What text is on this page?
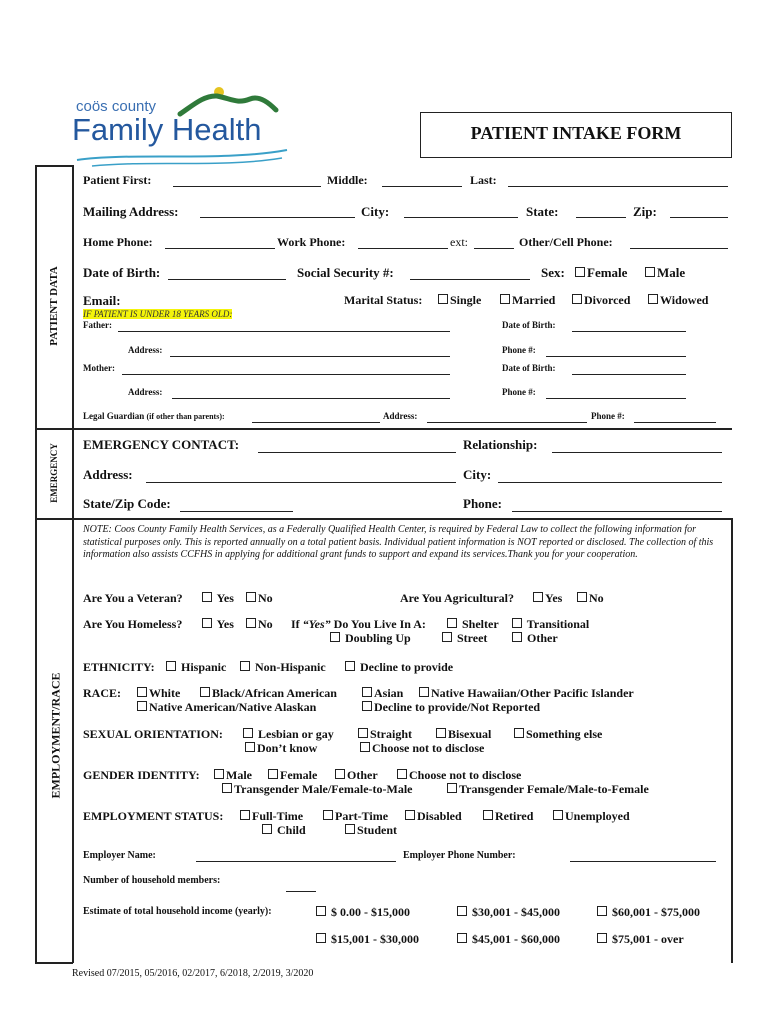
coös county
Family Health	PATIENT INTAKE FORM
PATIENT DATA
EMERGENCY
EMPLOYMENT/RACE
Patient First:	Middle:	Last:
Mailing Address:	City:	State:	Zip:
Home Phone:	Work Phone:	ext:	Other/Cell Phone:
Date of Birth:	Social Security #:	Sex:	Female	Male
Email:	Marital Status:	Single	Married	Divorced	Widowed
IF PATIENT IS UNDER 18 YEARS OLD:
Father:	Date of Birth:
Address:	Phone #:
Mother:	Date of Birth:
Address:	Phone #:
Legal Guardian (if other than parents):	Address:	Phone #:
EMERGENCY CONTACT:	Relationship:
Address:	City:
State/Zip Code:	Phone:
NOTE: Coos County Family Health Services, as a Federally Qualified Health Center, is required by Federal Law to collect the following information for statistical purposes only. This is reported annually on a total patient basis. Individual patient information is NOT reported or disclosed. The collection of this information also assists CCFHS in applying for additional grant funds to support and expand its services.Thank you for your cooperation.
Are You a Veteran?	Yes	No	Are You Agricultural?	Yes	No
Are You Homeless?	Yes	No If “Yes” Do You Live In A:	Shelter	Transitional
Doubling Up	Street	Other
ETHNICITY:	Hispanic	Non-Hispanic	Decline to provide
RACE:	White	Black/African American	Asian	Native Hawaiian/Other Pacific Islander
Native American/Native Alaskan	Decline to provide/Not Reported
SEXUAL ORIENTATION:	Lesbian or gay	Straight	Bisexual	Something else
Don’t know	Choose not to disclose
GENDER IDENTITY:	Male	Female	Other	Choose not to disclose
Transgender Male/Female-to-Male	Transgender Female/Male-to-Female
EMPLOYMENT STATUS:	Full-Time	Part-Time	Disabled	Retired	Unemployed
Child	Student
Employer Name:	Employer Phone Number:
Number of household members:
Estimate of total household income (yearly):	$ 0.00 - $15,000	$30,001 - $45,000	$60,001 - $75,000
$15,001 - $30,000	$45,001 - $60,000	$75,001 - over
Revised 07/2015, 05/2016, 02/2017, 6/2018, 2/2019, 3/2020
